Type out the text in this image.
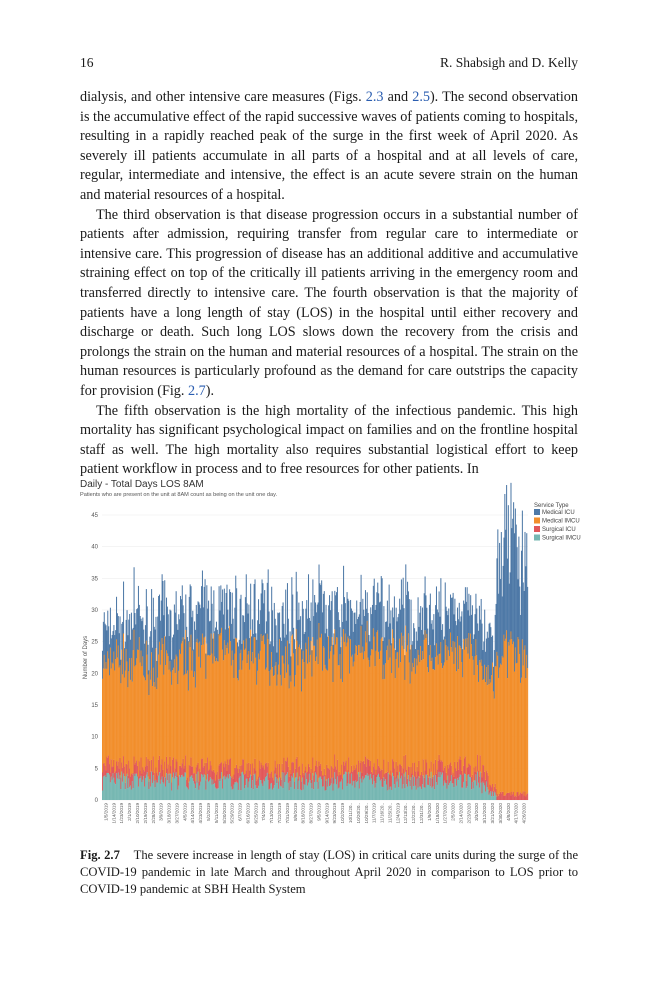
16	R. Shabsigh and D. Kelly

dialysis, and other intensive care measures (Figs. 2.3 and 2.5). The second observation is the accumulative effect of the rapid successive waves of patients coming to hospitals, resulting in a rapidly reached peak of the surge in the first week of April 2020. As severely ill patients accumulate in all parts of a hospital and at all levels of care, regular, intermediate and intensive, the effect is an acute severe strain on the human and material resources of a hospital.

The third observation is that disease progression occurs in a substantial number of patients after admission, requiring transfer from regular care to intermediate or intensive care. This progression of disease has an additional additive and accumulative straining effect on top of the critically ill patients arriving in the emergency room and transferred directly to intensive care. The fourth observation is that the majority of patients have a long length of stay (LOS) in the hospital until either recovery and discharge or death. Such long LOS slows down the recovery from the crisis and prolongs the strain on the human and material resources of a hospital. The strain on the human resources is particularly profound as the demand for care outstrips the capacity for provision (Fig. 2.7).

The fifth observation is the high mortality of the infectious pandemic. This high mortality has significant psychological impact on families and on the frontline hospital staff as well. The high mortality also requires substantial logistical effort to keep patient workflow in process and to free resources for other patients. In

Daily - Total Days LOS 8AM
Patients who are present on the unit at 8AM count as being on the unit one day.
0
5
10
15
20
25
30
35
40
45
Number of Days
1/5/2019 1/14/2019 1/23/2019 2/1/2019 2/10/2019 2/19/2019 2/28/2019 3/9/2019 3/18/2019 3/27/2019 4/5/2019 4/14/2019 4/23/2019 5/2/2019 5/11/2019 5/20/2019 5/29/2019 6/7/2019 6/16/2019 6/25/2019 7/4/2019 7/13/2019 7/22/2019 7/31/2019 8/9/2019 8/18/2019 8/27/2019 9/5/2019 9/14/2019 9/23/2019 10/2/2019 10/11/20.. 10/20/20.. 10/29/20.. 11/7/2019 11/16/20.. 11/25/20.. 12/4/2019 12/13/20.. 12/22/20.. 12/31/20.. 1/9/2020 1/18/2020 1/27/2020 2/5/2020 2/14/2020 2/23/2020 3/3/2020 3/12/2020 3/21/2020 3/30/2020 4/8/2020 4/17/2020 4/26/2020
Service Type
Medical ICU
Medical IMCU
Surgical ICU
Surgical IMCU
Fig. 2.7 The severe increase in length of stay (LOS) in critical care units during the surge of the COVID-19 pandemic in late March and throughout April 2020 in comparison to LOS prior to COVID-19 pandemic at SBH Health System
